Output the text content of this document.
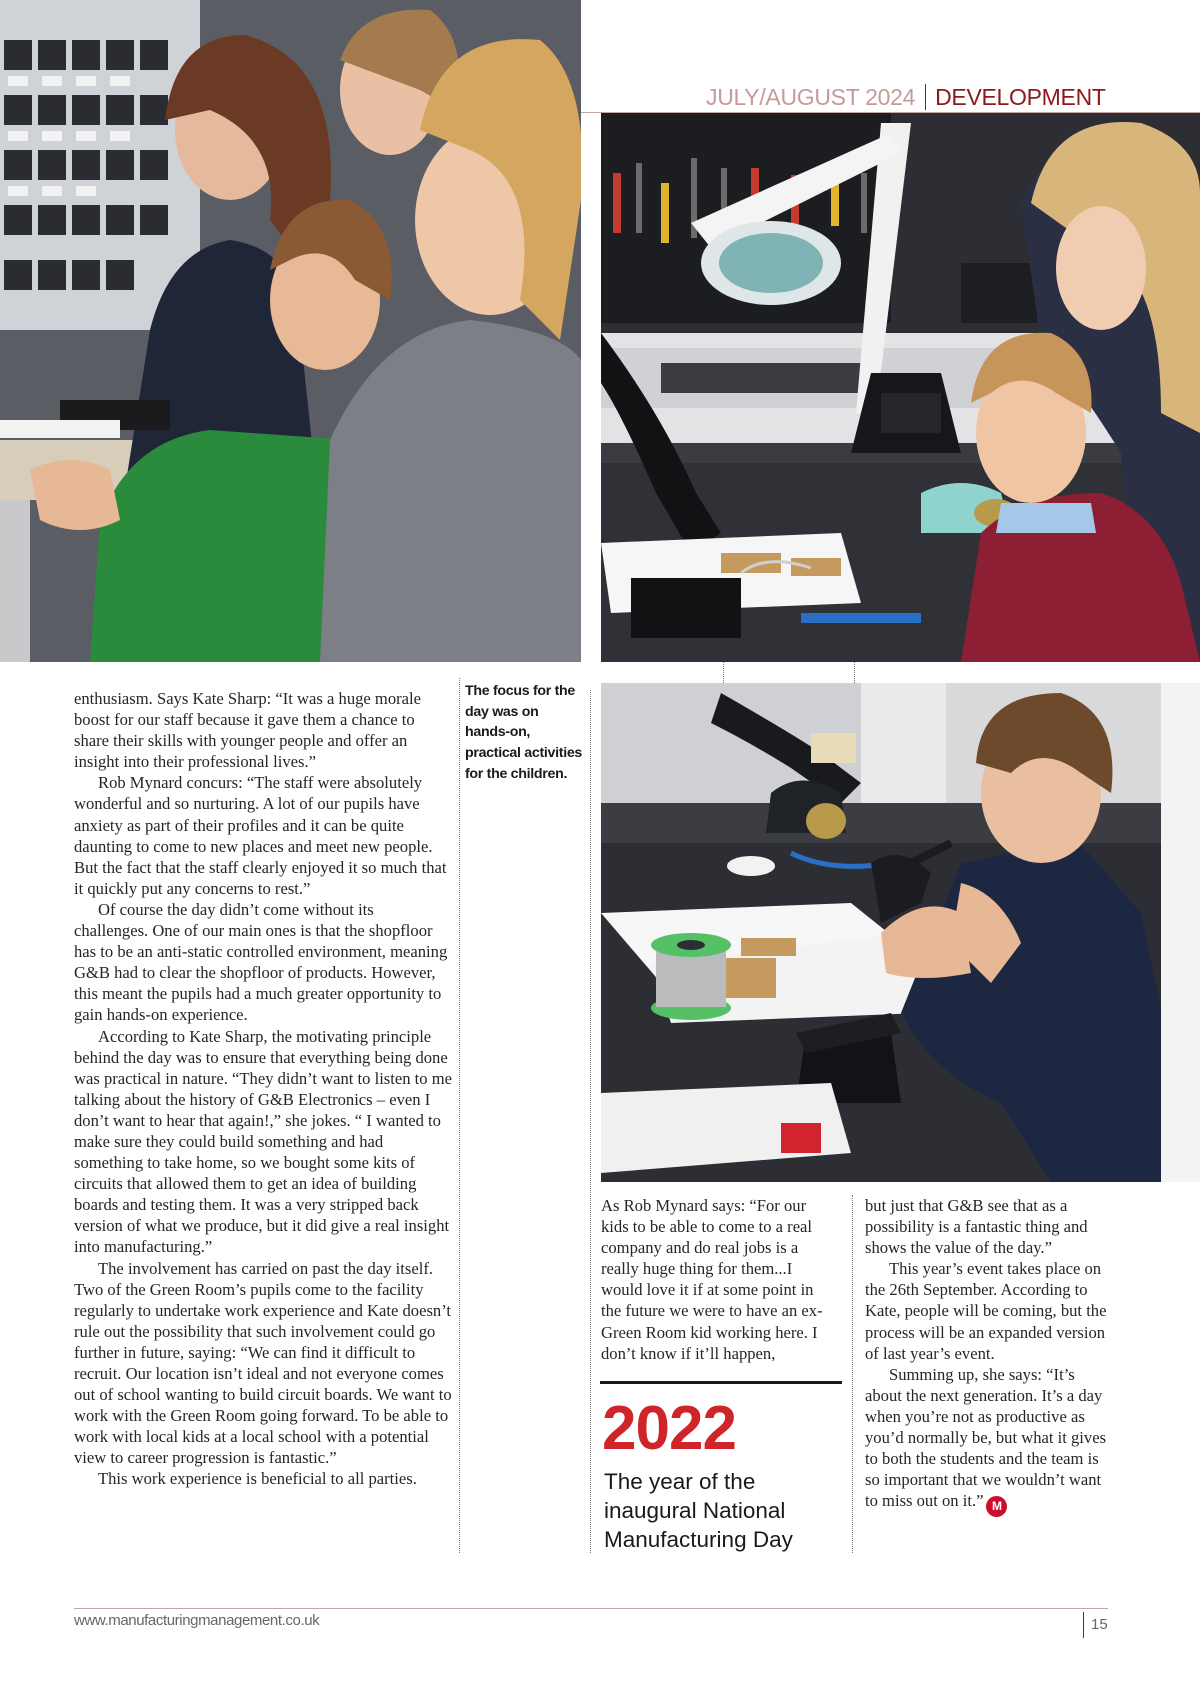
JULY/AUGUST 2024 DEVELOPMENT
The focus for the day was on hands-on, practical activities for the children.

enthusiasm. Says Kate Sharp: “It was a huge morale boost for our staff because it gave them a chance to share their skills with younger people and offer an insight into their professional lives.”

Rob Mynard concurs: “The staff were absolutely wonderful and so nurturing. A lot of our pupils have anxiety as part of their profiles and it can be quite daunting to come to new places and meet new people. But the fact that the staff clearly enjoyed it so much that it quickly put any concerns to rest.”

Of course the day didn’t come without its challenges. One of our main ones is that the shopfloor has to be an anti-static controlled environment, meaning G&B had to clear the shopfloor of products. However, this meant the pupils had a much greater opportunity to gain hands-on experience.

According to Kate Sharp, the motivating principle behind the day was to ensure that everything being done was practical in nature. “They didn’t want to listen to me talking about the history of G&B Electronics – even I don’t want to hear that again!,” she jokes. “ I wanted to make sure they could build something and had something to take home, so we bought some kits of circuits that allowed them to get an idea of building boards and testing them. It was a very stripped back version of what we produce, but it did give a real insight into manufacturing.”

The involvement has carried on past the day itself. Two of the Green Room’s pupils come to the facility regularly to undertake work experience and Kate doesn’t rule out the possibility that such involvement could go further in future, saying: “We can find it difficult to recruit. Our location isn’t ideal and not everyone comes out of school wanting to build circuit boards. We want to work with the Green Room going forward. To be able to work with local kids at a local school with a potential view to career progression is fantastic.”

This work experience is beneficial to all parties.

As Rob Mynard says: “For our kids to be able to come to a real company and do real jobs is a really huge thing for them...I would love it if at some point in the future we were to have an ex-Green Room kid working here. I don’t know if it’ll happen,

2022
The year of the inaugural National Manufacturing Day

but just that G&B see that as a possibility is a fantastic thing and shows the value of the day.”

This year’s event takes place on the 26th September. According to Kate, people will be coming, but the process will be an expanded version of last year’s event.

Summing up, she says: “It’s about the next generation. It’s a day when you’re not as productive as you’d normally be, but what it gives to both the students and the team is so important that we wouldn’t want to miss out on it.” M

www.manufacturingmanagement.co.uk	15
